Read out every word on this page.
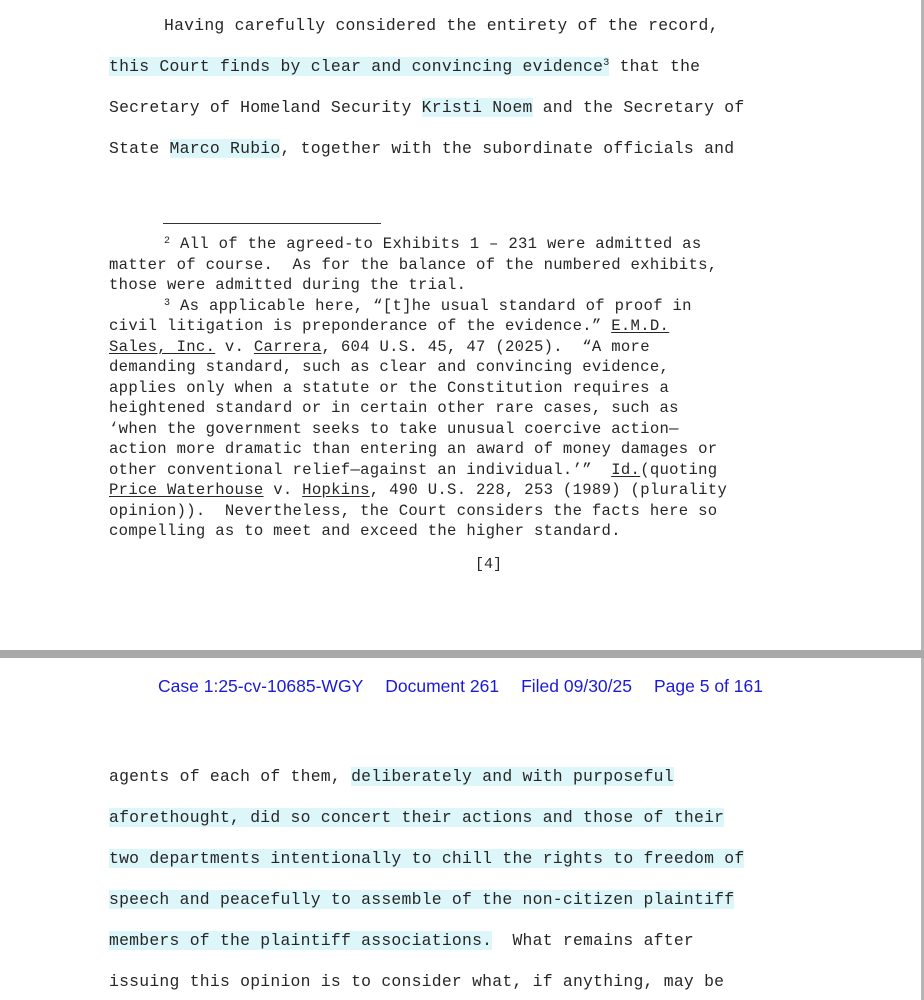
Having carefully considered the entirety of the record,
this Court finds by clear and convincing evidence$^3$ that the
Secretary of Homeland Security Kristi Noem and the Secretary of
State Marco Rubio, together with the subordinate officials and
$^2$ All of the agreed-to Exhibits 1 – 231 were admitted as
matter of course.  As for the balance of the numbered exhibits,
those were admitted during the trial.
$^3$ As applicable here, “[t]he usual standard of proof in
civil litigation is preponderance of the evidence.” E.M.D.
Sales, Inc. v. Carrera, 604 U.S. 45, 47 (2025).  “A more
demanding standard, such as clear and convincing evidence,
applies only when a statute or the Constitution requires a
heightened standard or in certain other rare cases, such as
‘when the government seeks to take unusual coercive action—
action more dramatic than entering an award of money damages or
other conventional relief—against an individual.’”  Id.(quoting
Price Waterhouse v. Hopkins, 490 U.S. 228, 253 (1989) (plurality
opinion)).  Nevertheless, the Court considers the facts here so
compelling as to meet and exceed the higher standard.
[4]
Case 1:25-cv-10685-WGY Document 261 Filed 09/30/25 Page 5 of 161
agents of each of them, deliberately and with purposeful
aforethought, did so concert their actions and those of their
two departments intentionally to chill the rights to freedom of
speech and peacefully to assemble of the non-citizen plaintiff
members of the plaintiff associations.  What remains after
issuing this opinion is to consider what, if anything, may be
